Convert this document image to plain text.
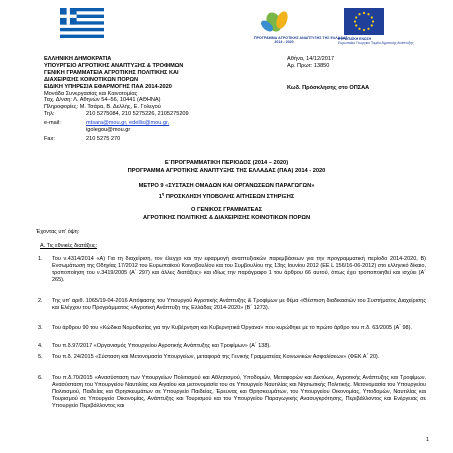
ΠΡΟΓΡΑΜΜΑ ΑΓΡΟΤΙΚΗΣ ΑΝΑΠΤΥΞΗΣ ΤΗΣ ΕΛΛΑΔΑΣ
2014 - 2020
ΕΥΡΩΠΑΪΚΗ ΕΝΩΣΗ
Ευρωπαϊκό Γεωργικό Ταμείο Αγροτικής Ανάπτυξης
ΕΛΛΗΝΙΚΗ ΔΗΜΟΚΡΑΤΙΑ
ΥΠΟΥΡΓΕΙΟ ΑΓΡΟΤΙΚΗΣ ΑΝΑΠΤΥΞΗΣ & ΤΡΟΦΙΜΩΝ
ΓΕΝΙΚΗ ΓΡΑΜΜΑΤΕΙΑ ΑΓΡΟΤΙΚΗΣ ΠΟΛΙΤΙΚΗΣ ΚΑΙ
ΔΙΑΧΕΙΡΙΣΗΣ ΚΟΙΝΟΤΙΚΩΝ ΠΟΡΩΝ
ΕΙΔΙΚΗ ΥΠΗΡΕΣΙΑ ΕΦΑΡΜΟΓΗΣ ΠΑΑ 2014-2020
Μονάδα Συνεργασίας και Καινοτομίας
Ταχ. Δ/νση: Λ. Αθηνών 54–56, 10441 (ΑΘΗΝΑ)
Πληροφορίες: Μ. Τσάρα, Β. Δελλής, Ε. Γολεγού
Τηλ:	210 5275084, 210 5275226, 2105275209
e-mail:	mtsara@mou.gr, edellis@mou.gr,
igolegou@mou.gr
Fax:	210 5275 270
Αθήνα, 14/12/2017
Αρ. Πρωτ: 13850
Κωδ. Πρόσκλησης στο ΟΠΣΑΑ
Ε΄ΠΡΟΓΡΑΜΜΑΤΙΚΗ ΠΕΡΙΟΔΟΣ (2014 – 2020)
ΠΡΟΓΡΑΜΜΑ ΑΓΡΟΤΙΚΗΣ ΑΝΑΠΤΥΞΗΣ ΤΗΣ ΕΛΛΑΔΑΣ (ΠΑΑ) 2014 - 2020
ΜΕΤΡΟ 9 «ΣΥΣΤΑΣΗ ΟΜΑΔΩΝ ΚΑΙ ΟΡΓΑΝΩΣΕΩΝ ΠΑΡΑΓΩΓΩΝ»
$1^\eta$ ΠΡΟΣΚΛΗΣΗ ΥΠΟΒΟΛΗΣ ΑΙΤΗΣΕΩΝ ΣΤΗΡΙΞΗΣ
Ο ΓΕΝΙΚΟΣ ΓΡΑΜΜΑΤΕΑΣ
ΑΓΡΟΤΙΚΗΣ ΠΟΛΙΤΙΚΗΣ & ΔΙΑΧΕΙΡΙΣΗΣ ΚΟΙΝΟΤΙΚΩΝ ΠΟΡΩΝ
Έχοντας υπ' όψη:
Α. Τις εθνικές διατάξεις:
1. Του ν.4314/2014 «Α) Για τη διαχείριση, τον έλεγχο και την εφαρμογή αναπτυξιακών παρεμβάσεων για την προγραμματική περίοδο 2014-2020, Β) Ενσωμάτωση της Οδηγίας 17/2012 του Ευρωπαϊκού Κοινοβουλίου και του Συμβουλίου της 13ης Ιουνίου 2012 (ΕΕ L 156/16-06-2012) στο ελληνικό δίκαιο, τροποποίηση του ν.3419/2005 (Α΄ 297) και άλλες διατάξεις» και ιδίως την παράγραφο 1 του άρθρου 66 αυτού, όπως έχει τροποποιηθεί και ισχύει (Α΄ 265).
2. Της υπ' αριθ. 1065/19-04-2016 Απόφασης του Υπουργού Αγροτικής Ανάπτυξης & Τροφίμων με θέμα «Θέσπιση διαδικασιών του Συστήματος Διαχείρισης και Ελέγχου του Προγράμματος «Αγροτική Ανάπτυξη της Ελλάδας 2014-2020» (Β΄ 1273).
3. Του άρθρου 90 του «Κώδικα Νομοθεσίας για την Κυβέρνηση και Κυβερνητικά Όργανα» που κυρώθηκε με το πρώτο άρθρο του π.δ. 63/2005 (Α΄ 98).
4. Του π.δ.97/2017 «Οργανισμός Υπουργείου Αγροτικής Ανάπτυξης και Τροφίμων» (Α΄ 138).
5. Του π.δ. 24/2015 «Σύσταση και Μετονομασία Υπουργείων, μεταφορά της Γενικής Γραμματείας Κοινωνικών Ασφαλίσεων» (ΦΕΚ Α΄ 20).
6. Του π.δ.70/2015 «Ανασύσταση των Υπουργείων Πολιτισμού και Αθλητισμού, Υποδομών, Μεταφορών και Δικτύων, Αγροτικής Ανάπτυξης και Τροφίμων. Ανασύσταση του Υπουργείου Ναυτιλίας και Αιγαίου και μετονομασία του σε Υπουργείο Ναυτιλίας και Νησιωτικής Πολιτικής. Μετονομασία του Υπουργείου Πολιτισμού, Παιδείας και Θρησκευμάτων σε Υπουργείο Παιδείας, Έρευνας και Θρησκευμάτων, του Υπουργείου Οικονομίας, Υποδομών, Ναυτιλίας και Τουρισμού σε Υπουργείο Οικονομίας, Ανάπτυξης και Τουρισμού και του Υπουργείου Παραγωγικής Ανασυγκρότησης, Περιβάλλοντος και Ενέργειας σε Υπουργείο Περιβάλλοντος και
1
